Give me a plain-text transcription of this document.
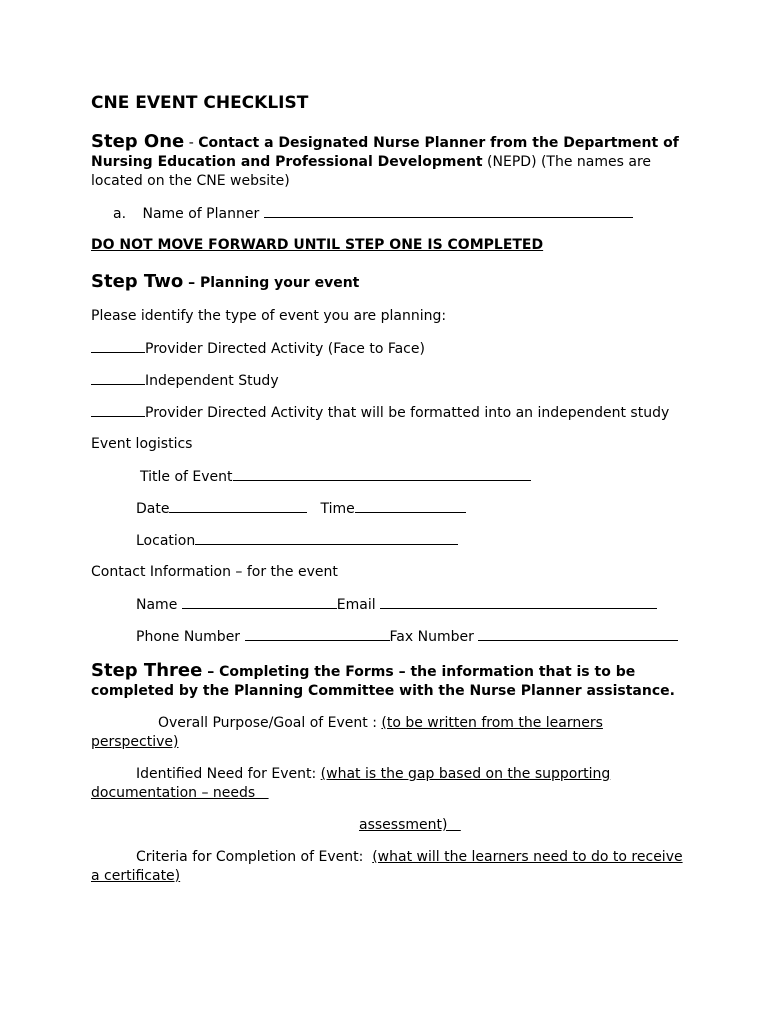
CNE EVENT CHECKLIST
Step One - Contact a Designated Nurse Planner from the Department of
Nursing Education and Professional Development (NEPD) (The names are
located on the CNE website)
a. Name of Planner
DO NOT MOVE FORWARD UNTIL STEP ONE IS COMPLETED
Step Two – Planning your event
Please identify the type of event you are planning:
Provider Directed Activity (Face to Face)
Independent Study
Provider Directed Activity that will be formatted into an independent study
Event logistics
Title of Event
Date	Time
Location
Contact Information – for the event
Name	Email
Phone Number	Fax Number
Step Three – Completing the Forms – the information that is to be
completed by the Planning Committee with the Nurse Planner assistance.
Overall Purpose/Goal of Event : (to be written from the learners
perspective)
Identified Need for Event: (what is the gap based on the supporting
documentation – needs
assessment)
Criteria for Completion of Event:  (what will the learners need to do to receive
a certificate)
